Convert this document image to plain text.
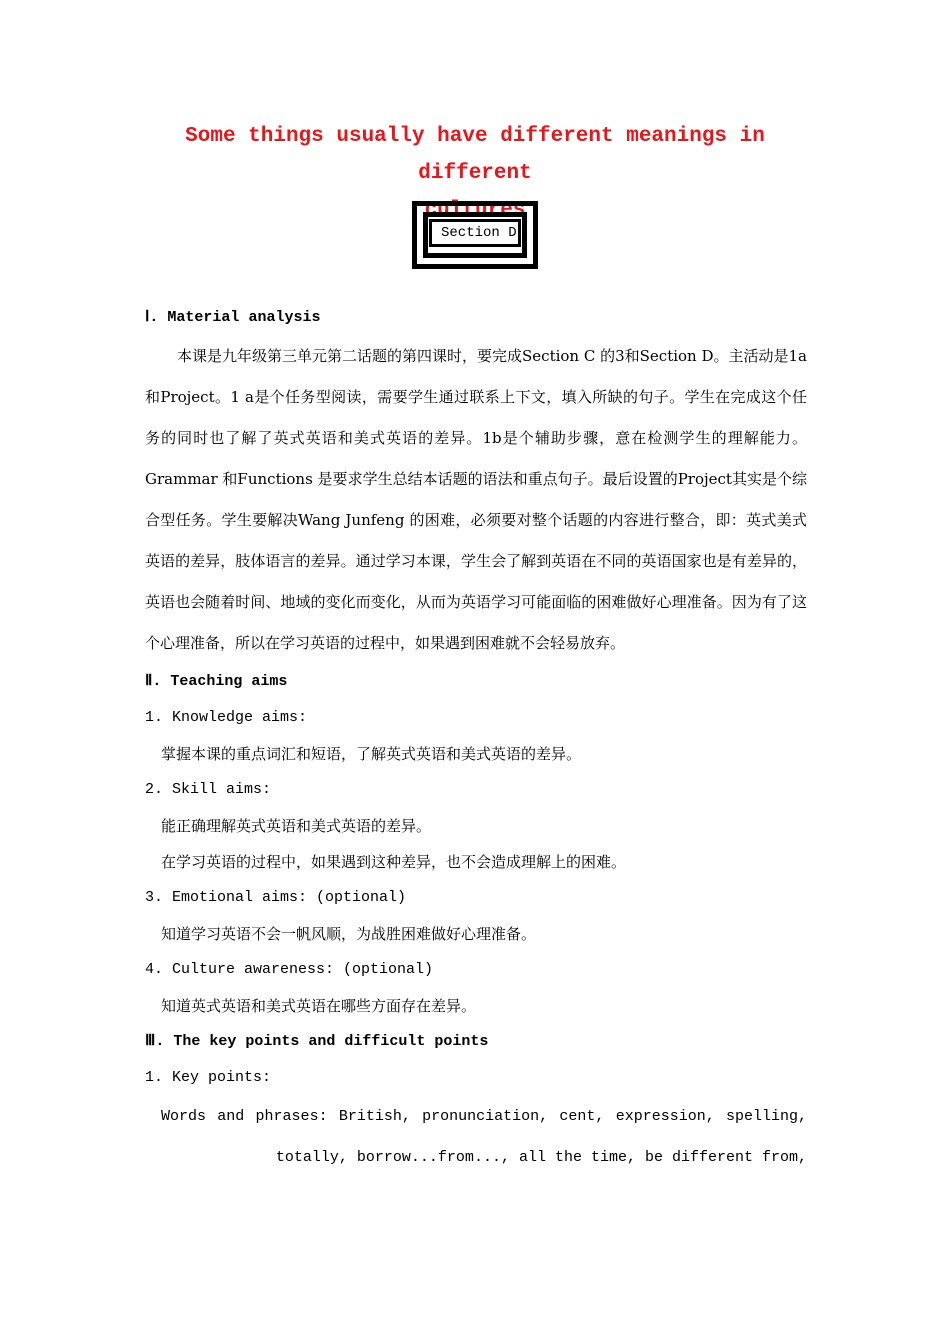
Some things usually have different meanings in different
cultures
Section D
Ⅰ. Material analysis

本课是九年级第三单元第二话题的第四课时，要完成Section C 的3和Section D。主活动是1a和Project。1 a是个任务型阅读，需要学生通过联系上下文，填入所缺的句子。学生在完成这个任务的同时也了解了英式英语和美式英语的差异。1b是个辅助步骤，意在检测学生的理解能力。Grammar 和Functions 是要求学生总结本话题的语法和重点句子。最后设置的Project其实是个综合型任务。学生要解决Wang Junfeng 的困难，必须要对整个话题的内容进行整合，即：英式美式英语的差异，肢体语言的差异。通过学习本课，学生会了解到英语在不同的英语国家也是有差异的，英语也会随着时间、地域的变化而变化，从而为英语学习可能面临的困难做好心理准备。因为有了这个心理准备，所以在学习英语的过程中，如果遇到困难就不会轻易放弃。

Ⅱ. Teaching aims
1. Knowledge aims:
掌握本课的重点词汇和短语，了解英式英语和美式英语的差异。
2. Skill aims:
能正确理解英式英语和美式英语的差异。
在学习英语的过程中，如果遇到这种差异，也不会造成理解上的困难。
3. Emotional aims: (optional)
知道学习英语不会一帆风顺，为战胜困难做好心理准备。
4. Culture awareness: (optional)
知道英式英语和美式英语在哪些方面存在差异。
Ⅲ. The key points and difficult points
1. Key points:
Words and phrases: British, pronunciation, cent, expression, spelling,
totally, borrow...from..., all the time, be different from,
